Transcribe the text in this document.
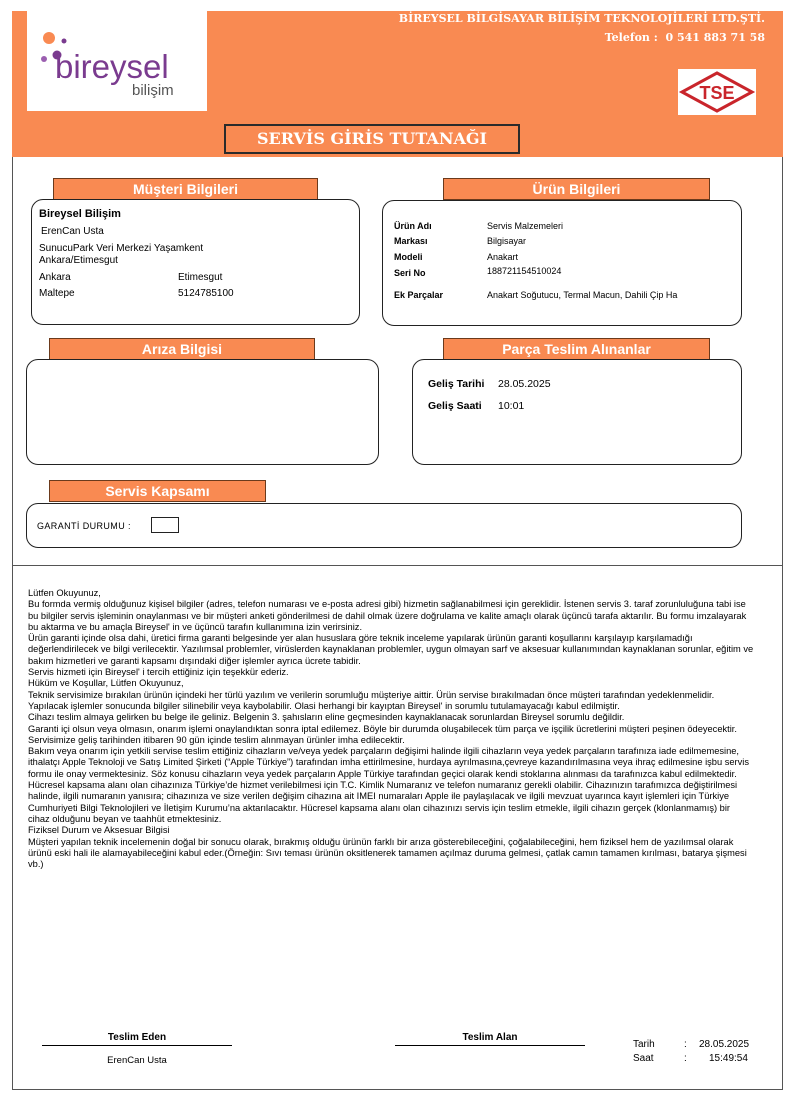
bireysel
bilişim
BİREYSEL BİLGİSAYAR BİLİŞİM TEKNOLOJİLERİ LTD.ŞTİ.
Telefon : 0 541 883 71 58
TSE
SERVİS GİRİS TUTANAĞI
Müşteri Bilgileri
Bireysel Bilişim
ErenCan Usta
SunucuPark Veri Merkezi Yaşamkent
Ankara/Etimesgut
Ankara	Etimesgut
Maltepe	5124785100
Ürün Bilgileri
Ürün Adı	Servis Malzemeleri
Markası	Bilgisayar
Modeli	Anakart
Seri No	188721154510024
Ek Parçalar	Anakart Soğutucu, Termal Macun, Dahili Çip Ha
Arıza Bilgisi	Parça Teslim Alınanlar
Geliş Tarihi 28.05.2025
Geliş Saati 10:01
Servis Kapsamı
GARANTİ DURUMU :
Lütfen Okuyunuz,
Bu formda vermiş olduğunuz kişisel bilgiler (adres, telefon numarası ve e-posta adresi gibi) hizmetin sağlanabilmesi için gereklidir. İstenen servis 3. taraf zorunluluğuna tabi ise bu bilgiler servis işleminin onaylanması ve bir müşteri anketi gönderilmesi de dahil olmak üzere doğrulama ve kalite amaçlı olarak üçüncü tarafa aktarılır. Bu formu imzalayarak bu aktarma ve bu amaçla Bireysel' in ve üçüncü tarafın kullanımına izin verirsiniz.
Ürün garanti içinde olsa dahi, üretici firma garanti belgesinde yer alan hususlara göre teknik inceleme yapılarak ürünün garanti koşullarını karşılayıp karşılamadığı değerlendirilecek ve bilgi verilecektir. Yazılımsal problemler, virüslerden kaynaklanan problemler, uygun olmayan sarf ve aksesuar kullanımından kaynaklanan sorunlar, eğitim ve bakım hizmetleri ve garanti kapsamı dışındaki diğer işlemler ayrıca ücrete tabidir.
Servis hizmeti için Bireysel' i tercih ettiğiniz için teşekkür ederiz.
Hüküm ve Koşullar, Lütfen Okuyunuz,
Teknik servisimize bırakılan ürünün içindeki her türlü yazılım ve verilerin sorumluğu müşteriye aittir. Ürün servise bırakılmadan önce müşteri tarafından yedeklenmelidir. Yapılacak işlemler sonucunda bilgiler silinebilir veya kaybolabilir. Olasi herhangi bir kayıptan Bireysel' in sorumlu tutulamayacağı kabul edilmiştir.
Cihazı teslim almaya gelirken bu belge ile geliniz. Belgenin 3. şahısların eline geçmesinden kaynaklanacak sorunlardan Bireysel sorumlu değildir.
Garanti içi olsun veya olmasın, onarım işlemi onaylandıktan sonra iptal edilemez. Böyle bir durumda oluşabilecek tüm parça ve işçilik ücretlerini müşteri peşinen ödeyecektir.
Servisimize geliş tarihinden itibaren 90 gün içinde teslim alınmayan ürünler imha edilecektir.
Bakım veya onarım için yetkili servise teslim ettiğiniz cihazların ve/veya yedek parçaların değişimi halinde ilgili cihazların veya yedek parçaların tarafınıza iade edilmemesine, ithalatçı Apple Teknoloji ve Satış Limited Şirketi (“Apple Türkiye”) tarafından imha ettirilmesine, hurdaya ayrılmasına,çevreye kazandırılmasına veya ihraç edilmesine işbu servis formu ile onay vermektesiniz. Söz konusu cihazların veya yedek parçaların Apple Türkiye tarafından geçici olarak kendi stoklarına alınması da tarafınızca kabul edilmektedir.
Hücresel kapsama alanı olan cihazınıza Türkiye’de hizmet verilebilmesi için T.C. Kimlik Numaranız ve telefon numaranız gerekli olabilir. Cihazınızın tarafımızca değiştirilmesi halinde, ilgili numaranın yanısıra; cihazınıza ve size verilen değişim cihazına ait IMEI numaraları Apple ile paylaşılacak ve ilgili mevzuat uyarınca kayıt işlemleri için Türkiye Cumhuriyeti Bilgi Teknolojileri ve İletişim Kurumu’na aktarılacaktır. Hücresel kapsama alanı olan cihazınızı servis için teslim etmekle, ilgili cihazın gerçek (klonlanmamış) bir cihaz olduğunu beyan ve taahhüt etmektesiniz.
Fiziksel Durum ve Aksesuar Bilgisi
Müşteri yapılan teknik incelemenin doğal bir sonucu olarak, bırakmış olduğu ürünün farklı bir arıza gösterebileceğini, çoğalabileceğini, hem fiziksel hem de yazılımsal olarak ürünü eski hali ile alamayabileceğini kabul eder.(Örneğin: Sıvı teması ürünün oksitlenerek tamamen açılmaz duruma gelmesi, çatlak camın tamamen kırılması, batarya şişmesi vb.)
Teslim Eden
ErenCan Usta
Teslim Alan
Tarih	: 28.05.2025
Saat	: 15:49:54
